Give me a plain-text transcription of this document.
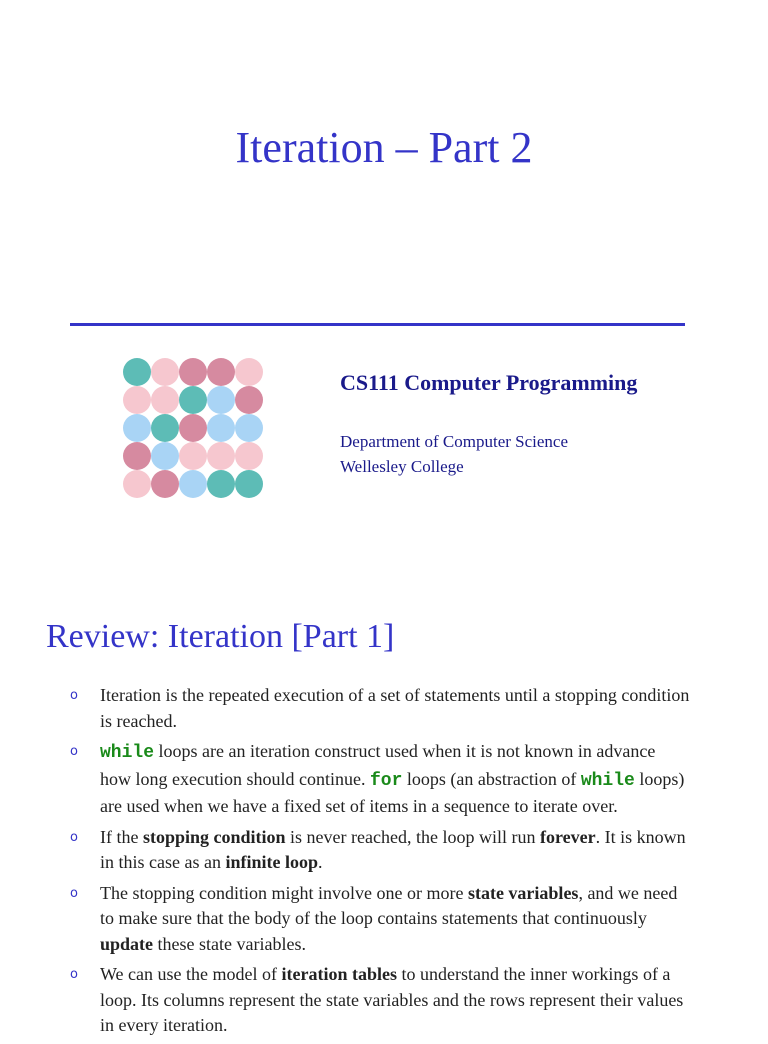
Iteration – Part 2

CS111 Computer Programming

Department of Computer Science

Wellesley College

Review: Iteration [Part 1]
o Iteration is the repeated execution of a set of statements until a stopping condition is reached.
o while loops are an iteration construct used when it is not known in advance how long execution should continue. for loops (an abstraction of while loops) are used when we have a fixed set of items in a sequence to iterate over.
o If the stopping condition is never reached, the loop will run forever. It is known in this case as an infinite loop.
o The stopping condition might involve one or more state variables, and we need to make sure that the body of the loop contains statements that continuously update these state variables.
o We can use the model of iteration tables to understand the inner workings of a loop. Its columns represent the state variables and the rows represent their values in every iteration.
